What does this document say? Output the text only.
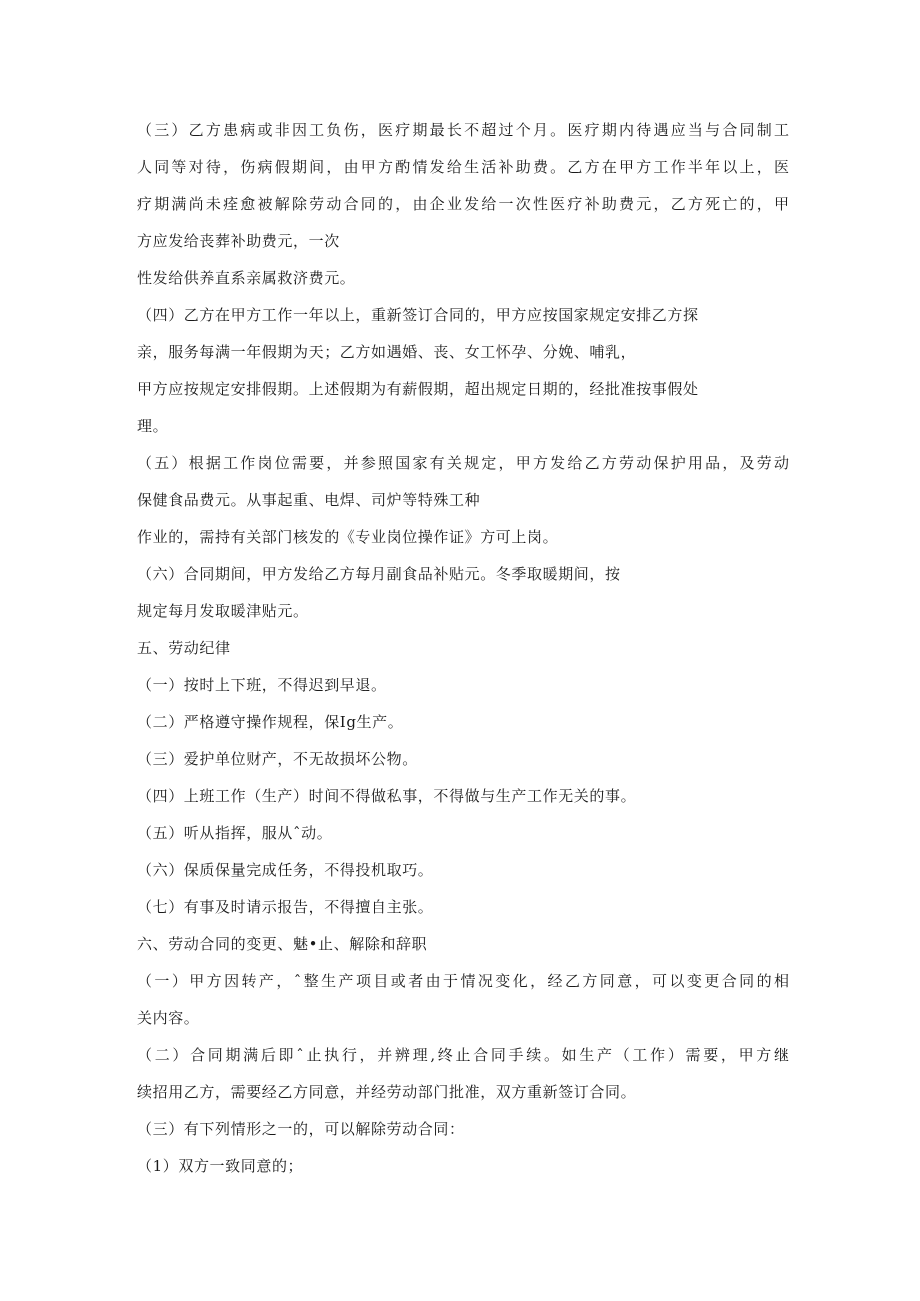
（三）乙方患病或非因工负伤，医疗期最长不超过个月。医疗期内待遇应当与合同制工

人同等对待，伤病假期间，由甲方酌情发给生活补助费。乙方在甲方工作半年以上，医

疗期满尚未痊愈被解除劳动合同的，由企业发给一次性医疗补助费元，乙方死亡的，甲

方应发给丧葬补助费元，一次

性发给供养直系亲属救济费元。

（四）乙方在甲方工作一年以上，重新签订合同的，甲方应按国家规定安排乙方探

亲，服务每满一年假期为天；乙方如遇婚、丧、女工怀孕、分娩、哺乳，

甲方应按规定安排假期。上述假期为有薪假期，超出规定日期的，经批准按事假处

理。

（五）根据工作岗位需要，并参照国家有关规定，甲方发给乙方劳动保护用品，及劳动

保健食品费元。从事起重、电焊、司炉等特殊工种

作业的，需持有关部门核发的《专业岗位操作证》方可上岗。

（六）合同期间，甲方发给乙方每月副食品补贴元。冬季取暖期间，按

规定每月发取暖津贴元。

五、劳动纪律

（一）按时上下班，不得迟到早退。

（二）严格遵守操作规程，保Ig生产。

（三）爱护单位财产，不无故损坏公物。

（四）上班工作（生产）时间不得做私事，不得做与生产工作无关的事。

（五）听从指挥，服从ˆ动。

（六）保质保量完成任务，不得投机取巧。

（七）有事及时请示报告，不得擅自主张。

六、劳动合同的变更、魅•止、解除和辞职

（一）甲方因转产，ˆ整生产项目或者由于情况变化，经乙方同意，可以变更合同的相

关内容。

（二）合同期满后即ˆ止执行，并辨理,终止合同手续。如生产（工作）需要，甲方继

续招用乙方，需要经乙方同意，并经劳动部门批准，双方重新签订合同。

（三）有下列情形之一的，可以解除劳动合同：

（1）双方一致同意的；
